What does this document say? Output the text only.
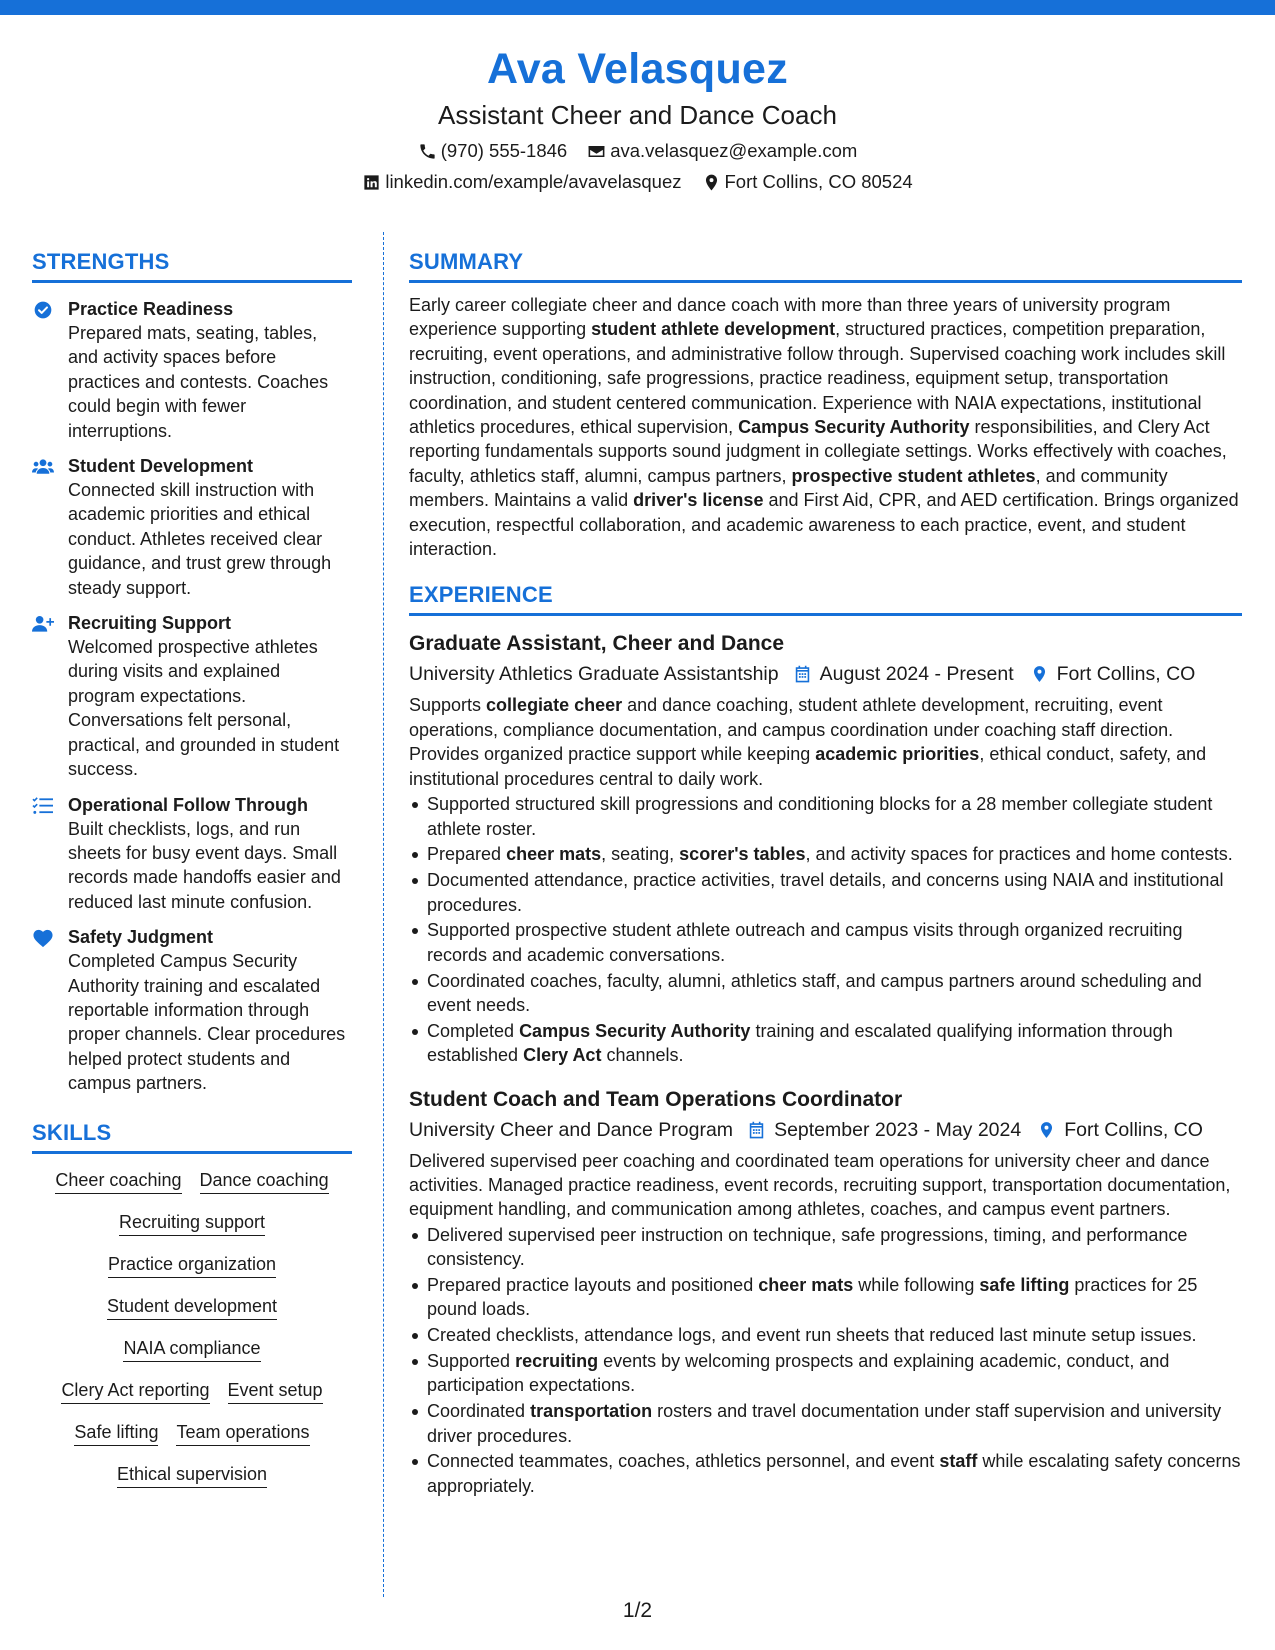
Ava Velasquez
Assistant Cheer and Dance Coach
(970) 555-1846 ava.velasquez@example.com
linkedin.com/example/avavelasquez Fort Collins, CO 80524
STRENGTHS
Practice Readiness
Prepared mats, seating, tables, and activity spaces before practices and contests. Coaches could begin with fewer interruptions.
Student Development
Connected skill instruction with academic priorities and ethical conduct. Athletes received clear guidance, and trust grew through steady support.
Recruiting Support
Welcomed prospective athletes during visits and explained program expectations. Conversations felt personal, practical, and grounded in student success.
Operational Follow Through
Built checklists, logs, and run sheets for busy event days. Small records made handoffs easier and reduced last minute confusion.
Safety Judgment
Completed Campus Security Authority training and escalated reportable information through proper channels. Clear procedures helped protect students and campus partners.
SKILLS
Cheer coaching Dance coaching
Recruiting support
Practice organization
Student development
NAIA compliance
Clery Act reporting Event setup
Safe lifting Team operations
Ethical supervision
SUMMARY

Early career collegiate cheer and dance coach with more than three years of university program experience supporting student athlete development, structured practices, competition preparation, recruiting, event operations, and administrative follow through. Supervised coaching work includes skill instruction, conditioning, safe progressions, practice readiness, equipment setup, transportation coordination, and student centered communication. Experience with NAIA expectations, institutional athletics procedures, ethical supervision, Campus Security Authority responsibilities, and Clery Act reporting fundamentals supports sound judgment in collegiate settings. Works effectively with coaches, faculty, athletics staff, alumni, campus partners, prospective student athletes, and community members. Maintains a valid driver's license and First Aid, CPR, and AED certification. Brings organized execution, respectful collaboration, and academic awareness to each practice, event, and student interaction.

EXPERIENCE
Graduate Assistant, Cheer and Dance
University Athletics Graduate Assistantship August 2024 - Present Fort Collins, CO

Supports collegiate cheer and dance coaching, student athlete development, recruiting, event operations, compliance documentation, and campus coordination under coaching staff direction. Provides organized practice support while keeping academic priorities, ethical conduct, safety, and institutional procedures central to daily work.

Supported structured skill progressions and conditioning blocks for a 28 member collegiate student athlete roster.
Prepared cheer mats, seating, scorer's tables, and activity spaces for practices and home contests.
Documented attendance, practice activities, travel details, and concerns using NAIA and institutional procedures.
Supported prospective student athlete outreach and campus visits through organized recruiting records and academic conversations.
Coordinated coaches, faculty, alumni, athletics staff, and campus partners around scheduling and event needs.
Completed Campus Security Authority training and escalated qualifying information through established Clery Act channels.
Student Coach and Team Operations Coordinator
University Cheer and Dance Program September 2023 - May 2024 Fort Collins, CO

Delivered supervised peer coaching and coordinated team operations for university cheer and dance activities. Managed practice readiness, event records, recruiting support, transportation documentation, equipment handling, and communication among athletes, coaches, and campus event partners.

Delivered supervised peer instruction on technique, safe progressions, timing, and performance consistency.
Prepared practice layouts and positioned cheer mats while following safe lifting practices for 25 pound loads.
Created checklists, attendance logs, and event run sheets that reduced last minute setup issues.
Supported recruiting events by welcoming prospects and explaining academic, conduct, and participation expectations.
Coordinated transportation rosters and travel documentation under staff supervision and university driver procedures.
Connected teammates, coaches, athletics personnel, and event staff while escalating safety concerns appropriately.
1/2
